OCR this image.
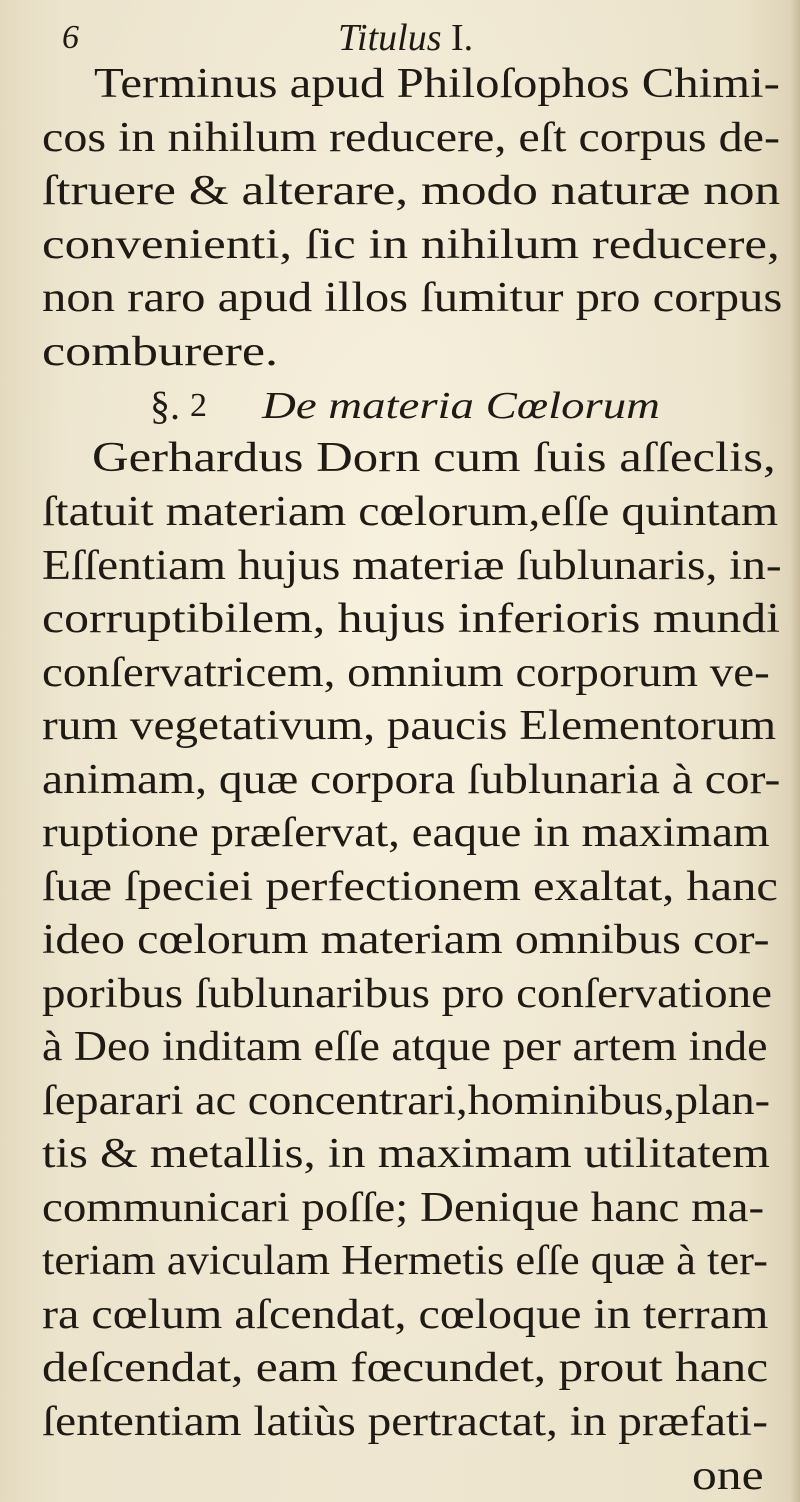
6	Titulus I.
Terminus apud Philoſophos Chimi-
cos in nihilum reducere, eſt corpus de-
ſtruere & alterare, modo naturæ non
convenienti, ſic in nihilum reducere,
non raro apud illos ſumitur pro corpus
comburere.
§. 2 De materia Cœlorum
Gerhardus Dorn cum ſuis aſſeclis,
ſtatuit materiam cœlorum,eſſe quintam
Eſſentiam hujus materiæ ſublunaris, in-
corruptibilem, hujus inferioris mundi
conſervatricem, omnium corporum ve-
rum vegetativum, paucis Elementorum
animam, quæ corpora ſublunaria à cor-
ruptione præſervat, eaque in maximam
ſuæ ſpeciei perfectionem exaltat, hanc
ideo cœlorum materiam omnibus cor-
poribus ſublunaribus pro conſervatione
à Deo inditam eſſe atque per artem inde
ſeparari ac concentrari,hominibus,plan-
tis & metallis, in maximam utilitatem
communicari poſſe; Denique hanc ma-
teriam aviculam Hermetis eſſe quæ à ter-
ra cœlum aſcendat, cœloque in terram
deſcendat, eam fœcundet, prout hanc
ſententiam latiùs pertractat, in præfati-
one
